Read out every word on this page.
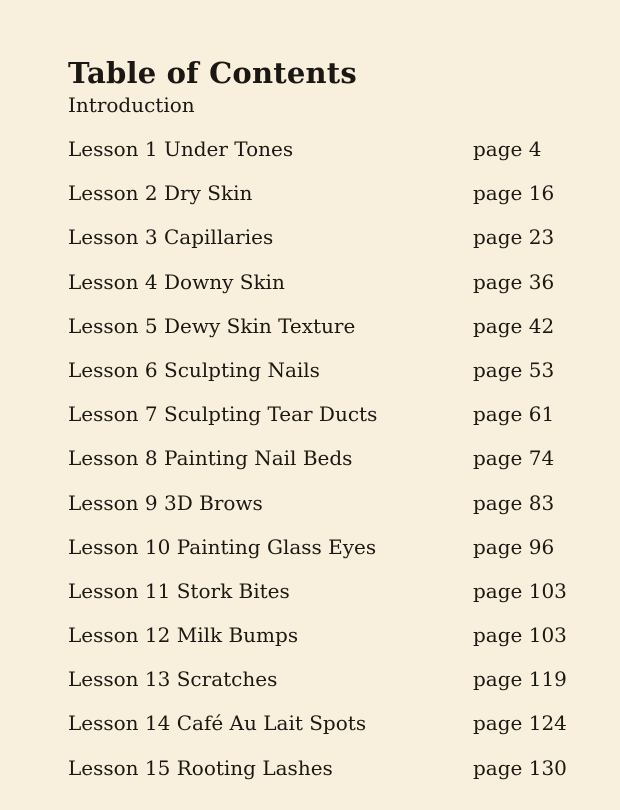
Table of Contents
Introduction
Lesson 1 Under Tones	page 4
Lesson 2 Dry Skin	page 16
Lesson 3 Capillaries	page 23
Lesson 4 Downy Skin	page 36
Lesson 5 Dewy Skin Texture	page 42
Lesson 6 Sculpting Nails	page 53
Lesson 7 Sculpting Tear Ducts	page 61
Lesson 8 Painting Nail Beds	page 74
Lesson 9 3D Brows	page 83
Lesson 10 Painting Glass Eyes	page 96
Lesson 11 Stork Bites	page 103
Lesson 12 Milk Bumps	page 103
Lesson 13 Scratches	page 119
Lesson 14 Café Au Lait Spots	page 124
Lesson 15 Rooting Lashes	page 130
